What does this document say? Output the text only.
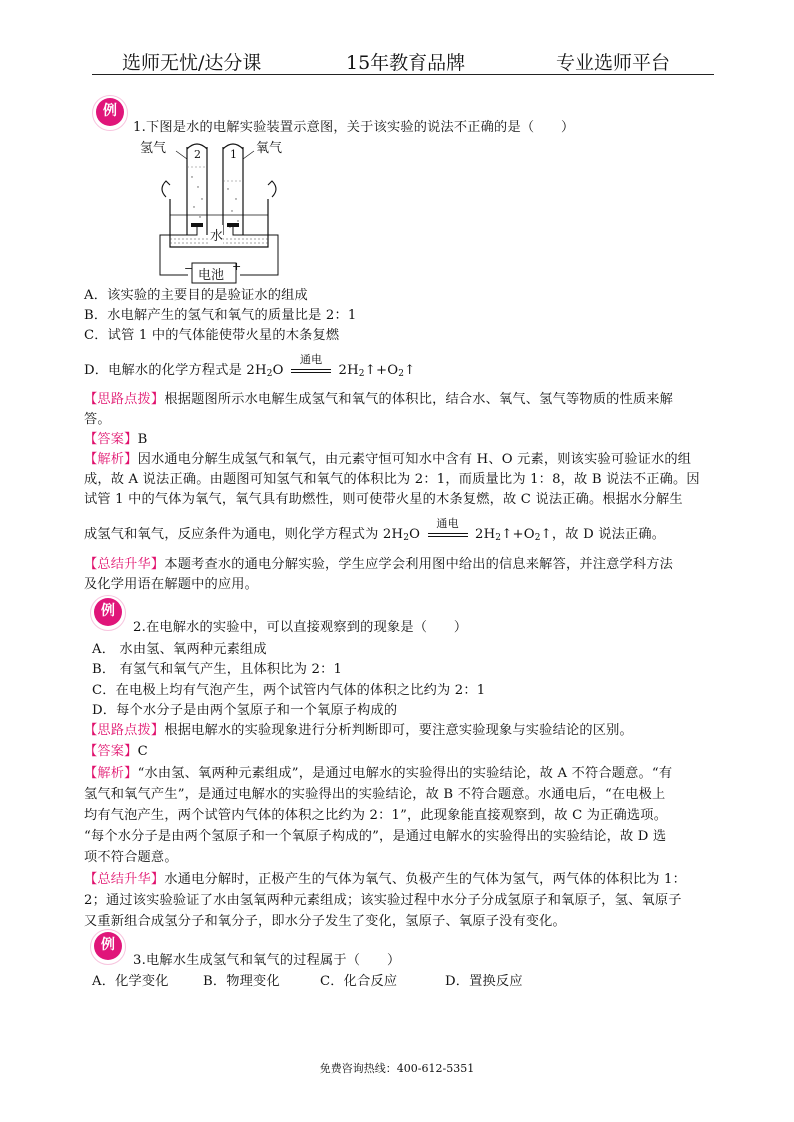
选师无忧/达分课	15年教育品牌	专业选师平台
例
1.下图是水的电解实验装置示意图，关于该实验的说法不正确的是（　　）
氢气	2	1 氧气
水
− 电池
+
A．该实验的主要目的是验证水的组成
B．水电解产生的氢气和氧气的质量比是 2：1
C．试管 1 中的气体能使带火星的木条复燃
D．电解水的化学方程式是 $2H_2O$
通电
$2H_2↑+O_2↑$
【思路点拨】根据题图所示水电解生成氢气和氧气的体积比，结合水、氧气、氢气等物质的性质来解
答。
【答案】B
【解析】因水通电分解生成氢气和氧气，由元素守恒可知水中含有 H、O 元素，则该实验可验证水的组
成，故 A 说法正确。由题图可知氢气和氧气的体积比为 2：1，而质量比为 1：8，故 B 说法不正确。因
试管 1 中的气体为氧气，氧气具有助燃性，则可使带火星的木条复燃，故 C 说法正确。根据水分解生
成氢气和氧气，反应条件为通电，则化学方程式为 $2H_2O$
通电
$2H_2↑+O_2↑$，故 D 说法正确。
【总结升华】本题考查水的通电分解实验，学生应学会利用图中给出的信息来解答，并注意学科方法
及化学用语在解题中的应用。
例
2.在电解水的实验中，可以直接观察到的现象是（　　）
A． 水由氢、氧两种元素组成
B． 有氢气和氧气产生，且体积比为 2：1
C．在电极上均有气泡产生，两个试管内气体的体积之比约为 2：1
D．每个水分子是由两个氢原子和一个氧原子构成的
【思路点拨】根据电解水的实验现象进行分析判断即可，要注意实验现象与实验结论的区别。
【答案】C
【解析】“水由氢、氧两种元素组成”，是通过电解水的实验得出的实验结论，故 A 不符合题意。“有
氢气和氧气产生”，是通过电解水的实验得出的实验结论，故 B 不符合题意。水通电后，“在电极上
均有气泡产生，两个试管内气体的体积之比约为 2：1”，此现象能直接观察到，故 C 为正确选项。
“每个水分子是由两个氢原子和一个氧原子构成的”，是通过电解水的实验得出的实验结论，故 D 选
项不符合题意。
【总结升华】水通电分解时，正极产生的气体为氧气、负极产生的气体为氢气，两气体的体积比为 1：
2；通过该实验验证了水由氢氧两种元素组成；该实验过程中水分子分成氢原子和氧原子，氢、氧原子
又重新组合成氢分子和氧分子，即水分子发生了变化，氢原子、氧原子没有变化。
例
3.电解水生成氢气和氧气的过程属于（　　）
A．化学变化	B．物理变化	C．化合反应	D．置换反应
免费咨询热线：400-612-5351
